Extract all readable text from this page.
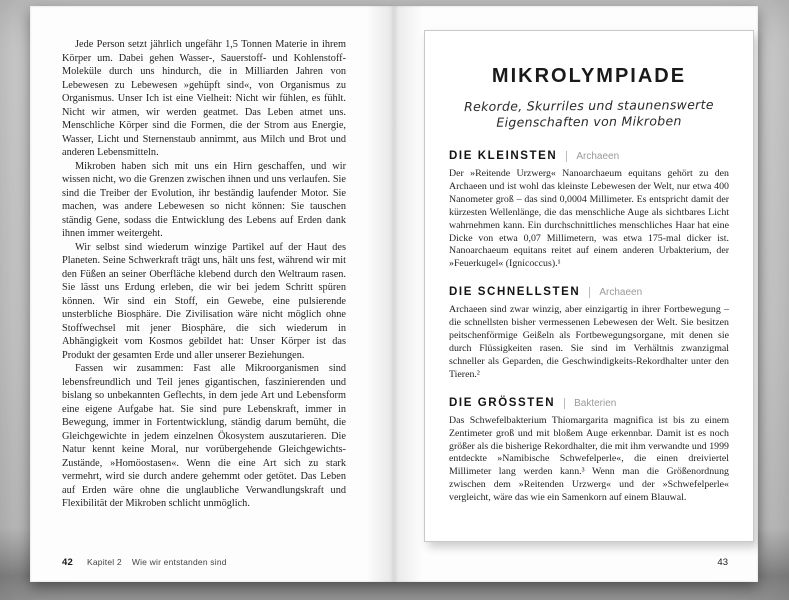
Jede Person setzt jährlich ungefähr 1,5 Tonnen Materie in ihrem Körper um. Dabei gehen Wasser-, Sauerstoff- und Kohlenstoff-Moleküle durch uns hindurch, die in Milliarden Jahren von Lebewesen zu Lebewesen »gehüpft sind«, von Organismus zu Organismus. Unser Ich ist eine Vielheit: Nicht wir fühlen, es fühlt. Nicht wir atmen, wir werden geatmet. Das Leben atmet uns. Menschliche Körper sind die Formen, die der Strom aus Energie, Wasser, Licht und Sternenstaub annimmt, aus Milch und Brot und anderen Lebensmitteln.

Mikroben haben sich mit uns ein Hirn geschaffen, und wir wissen nicht, wo die Grenzen zwischen ihnen und uns verlaufen. Sie sind die Treiber der Evolution, ihr beständig laufender Motor. Sie machen, was andere Lebewesen so nicht können: Sie tauschen ständig Gene, sodass die Entwicklung des Lebens auf Erden dank ihnen immer weitergeht.

Wir selbst sind wiederum winzige Partikel auf der Haut des Planeten. Seine Schwerkraft trägt uns, hält uns fest, während wir mit den Füßen an seiner Oberfläche klebend durch den Weltraum rasen. Sie lässt uns Erdung erleben, die wir bei jedem Schritt spüren können. Wir sind ein Stoff, ein Gewebe, eine pulsierende unsterbliche Biosphäre. Die Zivilisation wäre nicht möglich ohne Stoffwechsel mit jener Biosphäre, die sich wiederum in Abhängigkeit vom Kosmos gebildet hat: Unser Körper ist das Produkt der gesamten Erde und aller unserer Beziehungen.

Fassen wir zusammen: Fast alle Mikroorganismen sind lebensfreundlich und Teil jenes gigantischen, faszinierenden und bislang so unbekannten Geflechts, in dem jede Art und Lebensform eine eigene Aufgabe hat. Sie sind pure Lebenskraft, immer in Bewegung, immer in Fortentwicklung, ständig darum bemüht, die Gleichgewichte in jedem einzelnen Ökosystem auszutarieren. Die Natur kennt keine Moral, nur vorübergehende Gleichgewichts-Zustände, »Homöostasen«. Wenn die eine Art sich zu stark vermehrt, wird sie durch andere gehemmt oder getötet. Das Leben auf Erden wäre ohne die unglaubliche Verwandlungskraft und Flexibilität der Mikroben schlicht unmöglich.

42 Kapitel 2 Wie wir entstanden sind
MIKROLYMPIADE
Rekorde, Skurriles und staunenswerte Eigenschaften von Mikroben
DIE KLEINSTEN	Archaeen

Der »Reitende Urzwerg« Nanoarchaeum equitans gehört zu den Archaeen und ist wohl das kleinste Lebewesen der Welt, nur etwa 400 Nanometer groß – das sind 0,0004 Millimeter. Es entspricht damit der kürzesten Wellenlänge, die das menschliche Auge als sichtbares Licht wahrnehmen kann. Ein durchschnittliches menschliches Haar hat eine Dicke von etwa 0,07 Millimetern, was etwa 175-mal dicker ist. Nanoarchaeum equitans reitet auf einem anderen Urbakterium, der »Feuerkugel« (Ignicoccus).¹

DIE SCHNELLSTEN	Archaeen

Archaeen sind zwar winzig, aber einzigartig in ihrer Fortbewegung – die schnellsten bisher vermessenen Lebewesen der Welt. Sie besitzen peitschenförmige Geißeln als Fortbewegungsorgane, mit denen sie durch Flüssigkeiten rasen. Sie sind im Verhältnis zwanzigmal schneller als Geparden, die Geschwindigkeits-Rekordhalter unter den Tieren.²

DIE GRÖSSTEN	Bakterien

Das Schwefelbakterium Thiomargarita magnifica ist bis zu einem Zentimeter groß und mit bloßem Auge erkennbar. Damit ist es noch größer als die bisherige Rekordhalter, die mit ihm verwandte und 1999 entdeckte »Namibische Schwefelperle«, die einen dreiviertel Millimeter lang werden kann.³ Wenn man die Größenordnung zwischen dem »Reitenden Urzwerg« und der »Schwefelperle« vergleicht, wäre das wie ein Samenkorn auf einem Blauwal.

43
